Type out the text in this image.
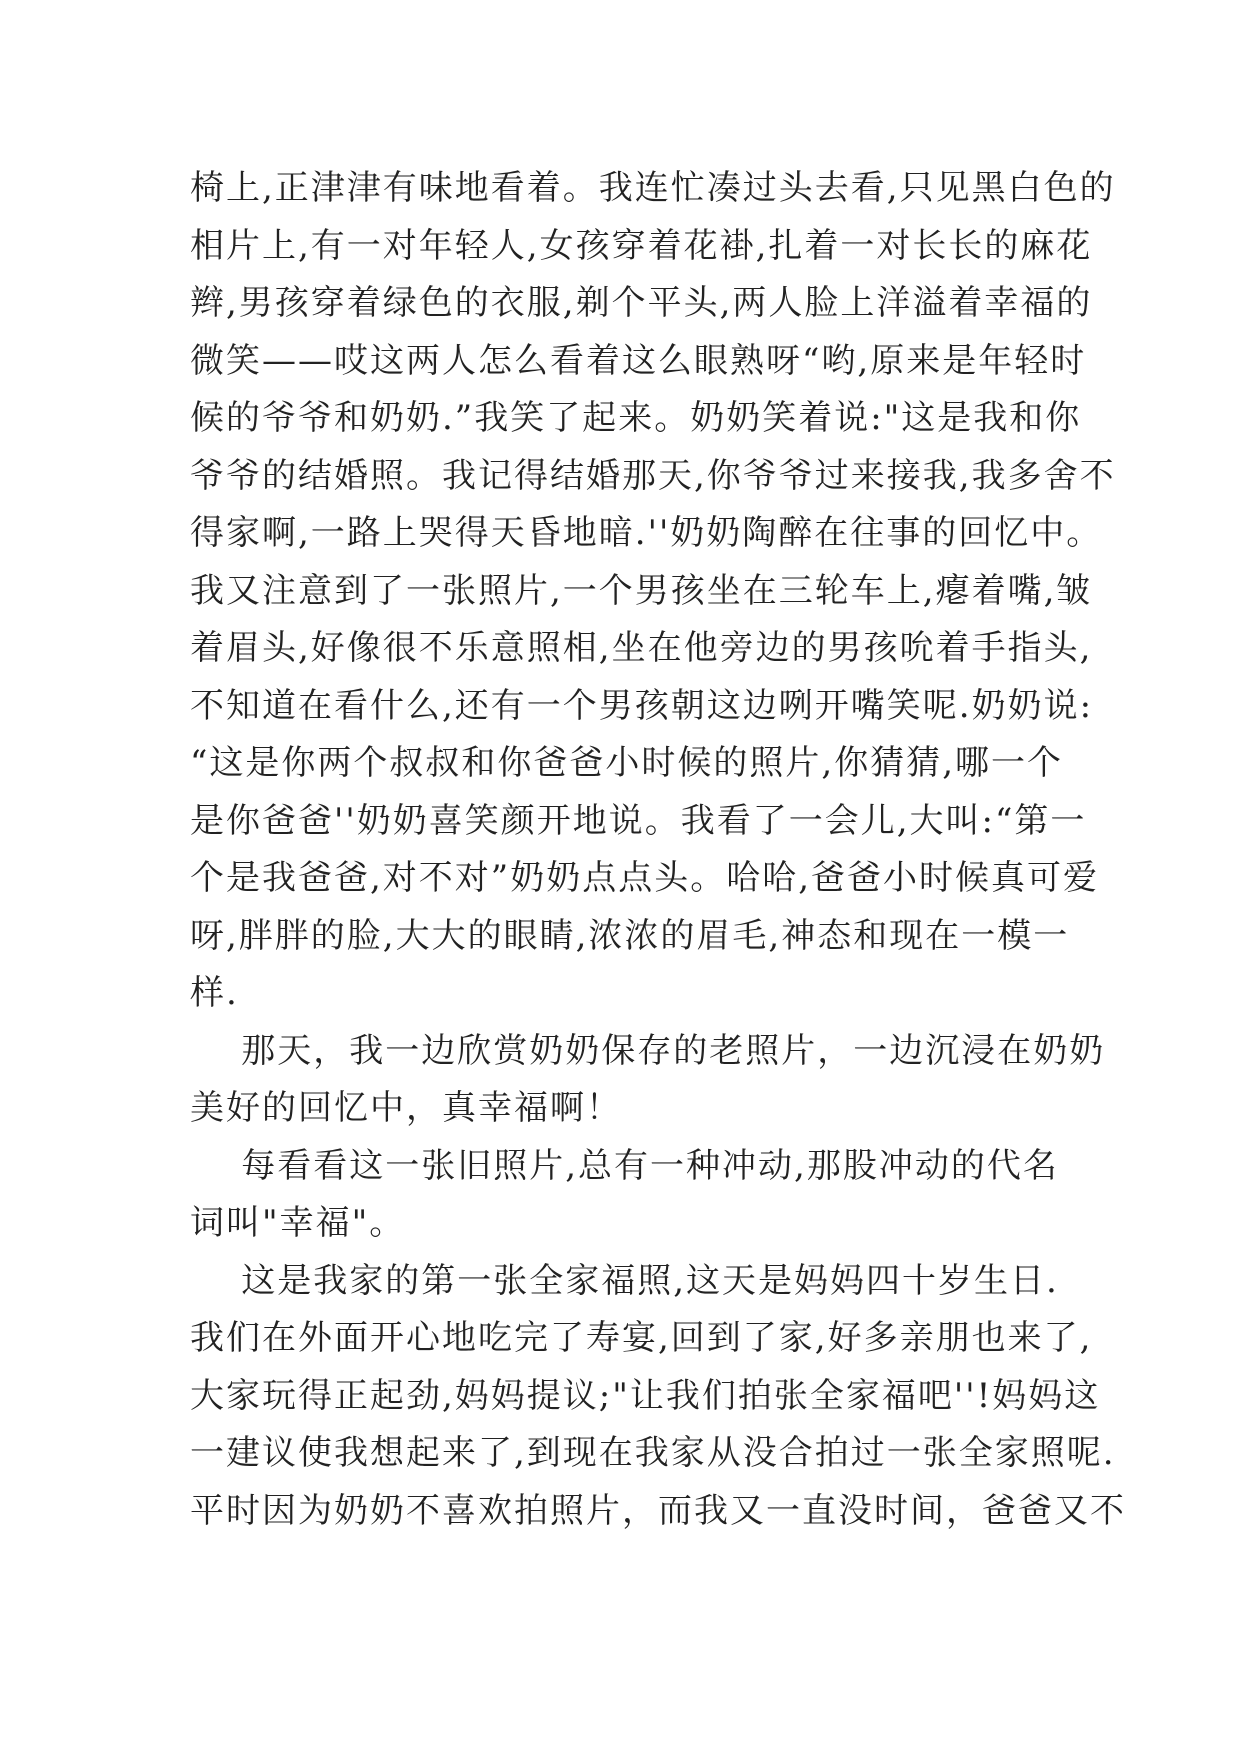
椅上,正津津有味地看着。我连忙凑过头去看,只见黑白色的
相片上,有一对年轻人,女孩穿着花褂,扎着一对长长的麻花
辫,男孩穿着绿色的衣服,剃个平头,两人脸上洋溢着幸福的
微笑——哎这两人怎么看着这么眼熟呀“哟,原来是年轻时
候的爷爷和奶奶.”我笑了起来。奶奶笑着说:"这是我和你
爷爷的结婚照。我记得结婚那天,你爷爷过来接我,我多舍不
得家啊,一路上哭得天昏地暗.''奶奶陶醉在往事的回忆中。
我又注意到了一张照片,一个男孩坐在三轮车上,瘪着嘴,皱
着眉头,好像很不乐意照相,坐在他旁边的男孩吮着手指头,
不知道在看什么,还有一个男孩朝这边咧开嘴笑呢.奶奶说:
“这是你两个叔叔和你爸爸小时候的照片,你猜猜,哪一个
是你爸爸''奶奶喜笑颜开地说。我看了一会儿,大叫:“第一
个是我爸爸,对不对”奶奶点点头。哈哈,爸爸小时候真可爱
呀,胖胖的脸,大大的眼睛,浓浓的眉毛,神态和现在一模一
样.
那天，我一边欣赏奶奶保存的老照片，一边沉浸在奶奶
美好的回忆中，真幸福啊！
每看看这一张旧照片,总有一种冲动,那股冲动的代名
词叫"幸福"。
这是我家的第一张全家福照,这天是妈妈四十岁生日.
我们在外面开心地吃完了寿宴,回到了家,好多亲朋也来了,
大家玩得正起劲,妈妈提议;"让我们拍张全家福吧''!妈妈这
一建议使我想起来了,到现在我家从没合拍过一张全家照呢.
平时因为奶奶不喜欢拍照片，而我又一直没时间，爸爸又不
